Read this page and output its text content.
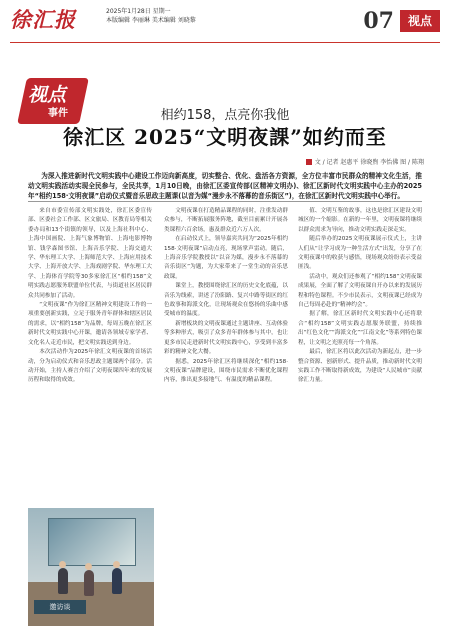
徐汇报	2025年1月28日 星期一
本版编辑 李丽琳 美术编辑 刘晓黎	07	视点
视点
事件	相约158，点亮你我他
徐汇区 2025“文明夜課”如约而至
文 / 记者 赵惠平 徐晓煦 李怡佛 图 / 陈翔
为深入推进新时代文明实践中心建设工作迈向新高度，切实整合、优化、盘活各方资源，全方位丰富市民群众的精神文化生活，推动文明实践活动实现全民参与，全民共享，1月10日晚，由徐汇区委宣传部(区精神文明办)、徐汇区新时代文明实践中心主办的2025年“相约158·文明夜课”启动仪式暨音乐思政主题课(以音为媒“漫步永不落幕的音乐街区”)，在徐汇区新时代文明实践中心举行。

来自市委宣传部文明实践处，徐汇区委宣传部、区委社会工作部、区文旅局、区教育局等相关委办局和13个街镇的领导，以及上海社科中心、上海中国画院、上海气象博物馆、上海电影博物馆、钱学森图书馆、上海音乐学院、上海交通大学、华东理工大学、上海师范大学、上海应用技术大学、上海开放大学、上海戏剧学院、华东理工大学、上海体育学院等30多家徐汇区“相约158”文明实践志愿服务联盟单位代表，与街道社区居民群众共同参加了活动。

“文明夜课”作为徐汇区精神文明建设工作的一项重要创新实践，立足于服务青年群体和辖区居民的需求，以“相约158”为品牌，每周五晚在徐汇区新时代文明实践中心开课，邀请各领域专家学者、文化名人走近市民，把文明实践送到身边。

本次活动作为2025年徐汇文明夜课的首场活动，分为启动仪式和音乐思政主题课两个部分。活动开始，主持人赛言介绍了文明夜课四年来的发展历程和取得的成效。

文明夜课在打造精品课程的同时，注重发动群众参与，不断拓展服务阵地，截至目前累计开展各类课程六百余场，惠及群众近六万人次。

在启动仪式上，领导嘉宾共同为“2025年相约158·文明夜课”启动点亮，现场掌声雷动。随后，上海音乐学院教授以“以音为媒，漫步永不落幕的音乐街区”为题，为大家带来了一堂生动的音乐思政课。

课堂上，教授围绕徐汇区的历史文化底蕴，以音乐为线索，讲述了汾阳路、复兴中路等街区的红色故事和海派文化，让现场观众在悠扬的乐曲中感受城市的温度。

新增板块的文明夜课通过主题讲座、互动体验等多种形式，吸引了众多青年群体参与其中，也让更多市民走进新时代文明实践中心，享受到丰富多彩的精神文化大餐。

据悉，2025年徐汇区将继续深化“相约158·文明夜课”品牌建设，围绕市民需求不断优化课程内容，推出更多接地气、有温度的精品课程。

值、文明互鉴的故事，这也是徐汇区建设文明城区的一个缩影。在新的一年里，文明夜课将继续以群众需求为导向，推动文明实践走深走实。

随后举办的2025文明夜课展示仪式上，主讲人们从“让学习成为一种生活方式”出发，分享了在文明夜课中的收获与感悟，现场观众纷纷表示受益匪浅。

活动中，观众们还参观了“相约158”文明夜课成果展，全面了解了文明夜课自开办以来的发展历程和特色课程。不少市民表示，文明夜课已经成为自己每周必赴的“精神约会”。

据了解，徐汇区新时代文明实践中心还将联合“相约158”文明实践志愿服务联盟，持续推出“红色文化”“海派文化”“江南文化”等系列特色课程，让文明之光照亮每一个角落。

最后，徐汇区将以此次活动为新起点，进一步整合资源、创新形式、提升品质，推动新时代文明实践工作不断取得新成效，为建设“人民城市”贡献徐汇力量。

邀访谈
